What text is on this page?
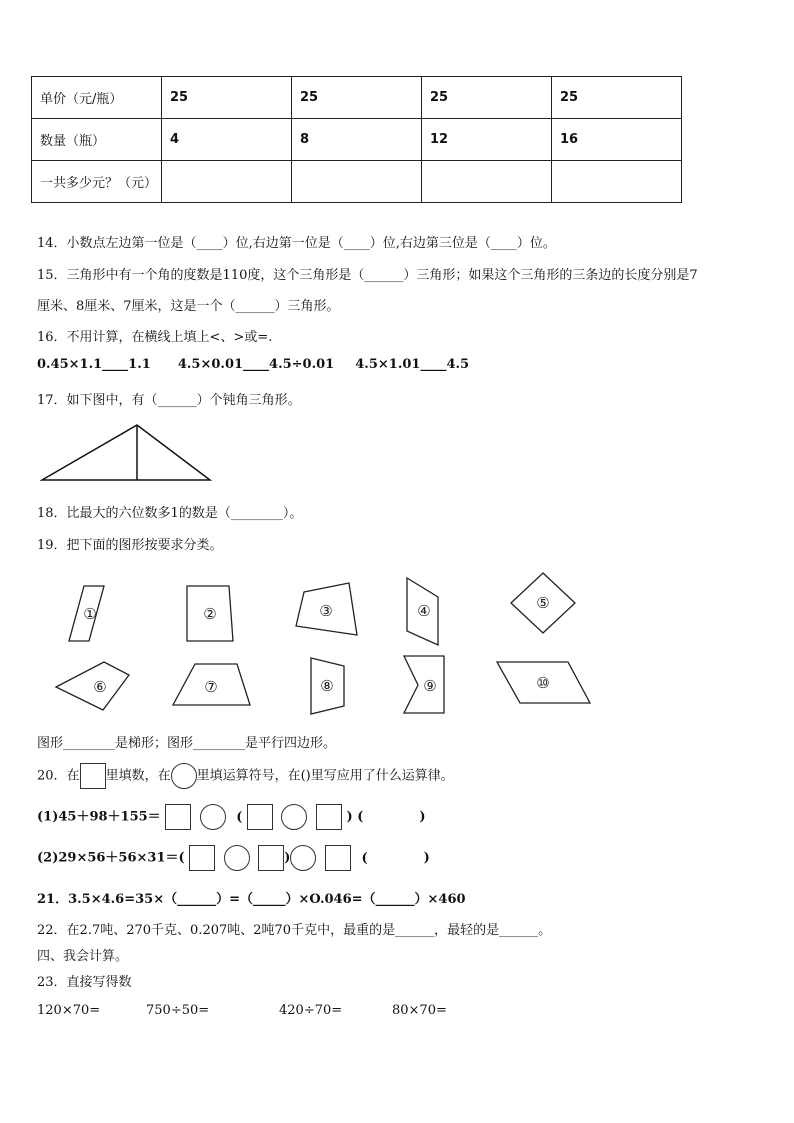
单价（元/瓶）	25	25	25	25
数量（瓶）	4	8	12	16
一共多少元？（元）				
14．小数点左边第一位是（____）位,右边第一位是（____）位,右边第三位是（____）位。
15．三角形中有一个角的度数是110度，这个三角形是（______）三角形；如果这个三角形的三条边的长度分别是7
厘米、8厘米、7厘米，这是一个（______）三角形。
16．不用计算，在横线上填上<、>或=.
0.45×1.1____1.1 4.5×0.01____4.5÷0.01 4.5×1.01____4.5
17．如下图中，有（______）个钝角三角形。
18．比最大的六位数多1的数是（________）。
19．把下面的图形按要求分类。
①	②	③	④	⑤
⑥	⑦	⑧	⑨	⑩
图形________是梯形；图形________是平行四边形。
20．在 里填数，在 里填运算符号，在()里写应用了什么运算律。
(1)45＋98＋155＝	(	) (	)
(2)29×56＋56×31＝(	)	(	)
21．3.5×4.6=35×（______）=（_____）×O.046=（______）×460
22．在2.7吨、270千克、0.207吨、2吨70千克中，最重的是______，最轻的是______。
四、我会计算。
23．直接写得数
120×70=	750÷50=	420÷70=	80×70=
